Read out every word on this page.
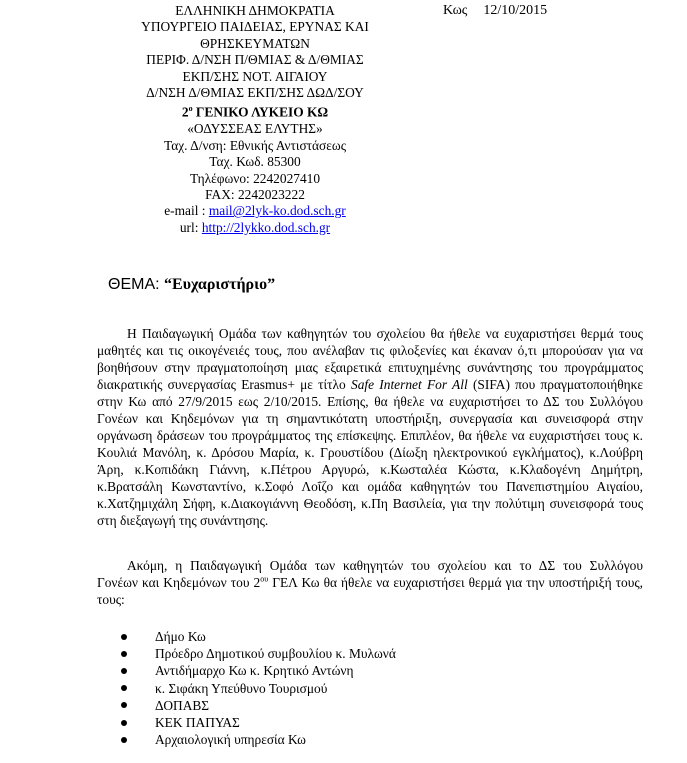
ΕΛΛΗΝΙΚΗ ΔΗΜΟΚΡΑΤΙΑ
ΥΠΟΥΡΓΕΙΟ ΠΑΙΔΕΙΑΣ, ΕΡΥΝΑΣ ΚΑΙ
ΘΡΗΣΚΕΥΜΑΤΩΝ
ΠΕΡΙΦ. Δ/ΝΣΗ Π/ΘΜΙΑΣ & Δ/ΘΜΙΑΣ
ΕΚΠ/ΣΗΣ ΝΟΤ. ΑΙΓΑΙΟΥ
Δ/ΝΣΗ Δ/ΘΜΙΑΣ ΕΚΠ/ΣΗΣ ΔΩΔ/ΣΟΥ
$2^o$ ΓΕΝΙΚΟ ΛΥΚΕΙΟ ΚΩ
«ΟΔΥΣΣΕΑΣ ΕΛΥΤΗΣ»
Ταχ. Δ/νση: Εθνικής Αντιστάσεως
Ταχ. Κωδ. 85300
Τηλέφωνο: 2242027410
FAX: 2242023222
e-mail : mail@2lyk-ko.dod.sch.gr
url: http://2lykko.dod.sch.gr
Κως 12/10/2015
ΘΕΜΑ: “Ευχαριστήριο”
Η Παιδαγωγική Ομάδα των καθηγητών του σχολείου θα ήθελε να ευχαριστήσει θερμά τους
μαθητές και τις οικογένειές τους, που ανέλαβαν τις φιλοξενίες και έκαναν ό,τι μπορούσαν για να
βοηθήσουν στην πραγματοποίηση μιας εξαιρετικά επιτυχημένης συνάντησης του προγράμματος
διακρατικής συνεργασίας Erasmus+ με τίτλο Safe Internet For All (SIFA) που πραγματοποιήθηκε
στην Κω από 27/9/2015 εως 2/10/2015. Επίσης, θα ήθελε να ευχαριστήσει το ΔΣ του Συλλόγου
Γονέων και Κηδεμόνων για τη σημαντικότατη υποστήριξη, συνεργασία και συνεισφορά στην
οργάνωση δράσεων του προγράμματος της επίσκεψης. Επιπλέον, θα ήθελε να ευχαριστήσει τους κ.
Κουλιά Μανόλη, κ. Δρόσου Μαρία, κ. Γρουστίδου (Δίωξη ηλεκτρονικού εγκλήματος), κ.Λούβρη
Άρη, κ.Κοπιδάκη Γιάννη, κ.Πέτρου Αργυρώ, κ.Κωσταλέα Κώστα, κ.Κλαδογένη Δημήτρη,
κ.Βρατσάλη Κωνσταντίνο, κ.Σοφό Λοΐζο και ομάδα καθηγητών του Πανεπιστημίου Αιγαίου,
κ.Χατζημιχάλη Σήφη, κ.Διακογιάννη Θεοδόση, κ.Πη Βασιλεία, για την πολύτιμη συνεισφορά τους
στη διεξαγωγή της συνάντησης.
Ακόμη, η Παιδαγωγική Ομάδα των καθηγητών του σχολείου και το ΔΣ του Συλλόγου
Γονέων και Κηδεμόνων του $2^{o\upsilon}$ ΓΕΛ Κω θα ήθελε να ευχαριστήσει θερμά για την υποστήριξή τους,
τους:
Δήμο Κω
Πρόεδρο Δημοτικού συμβουλίου κ. Μυλωνά
Αντιδήμαρχο Κω κ. Κρητικό Αντώνη
κ. Σιφάκη Υπεύθυνο Τουρισμού
ΔΟΠΑΒΣ
ΚΕΚ ΠΑΠΥΑΣ
Αρχαιολογική υπηρεσία Κω
